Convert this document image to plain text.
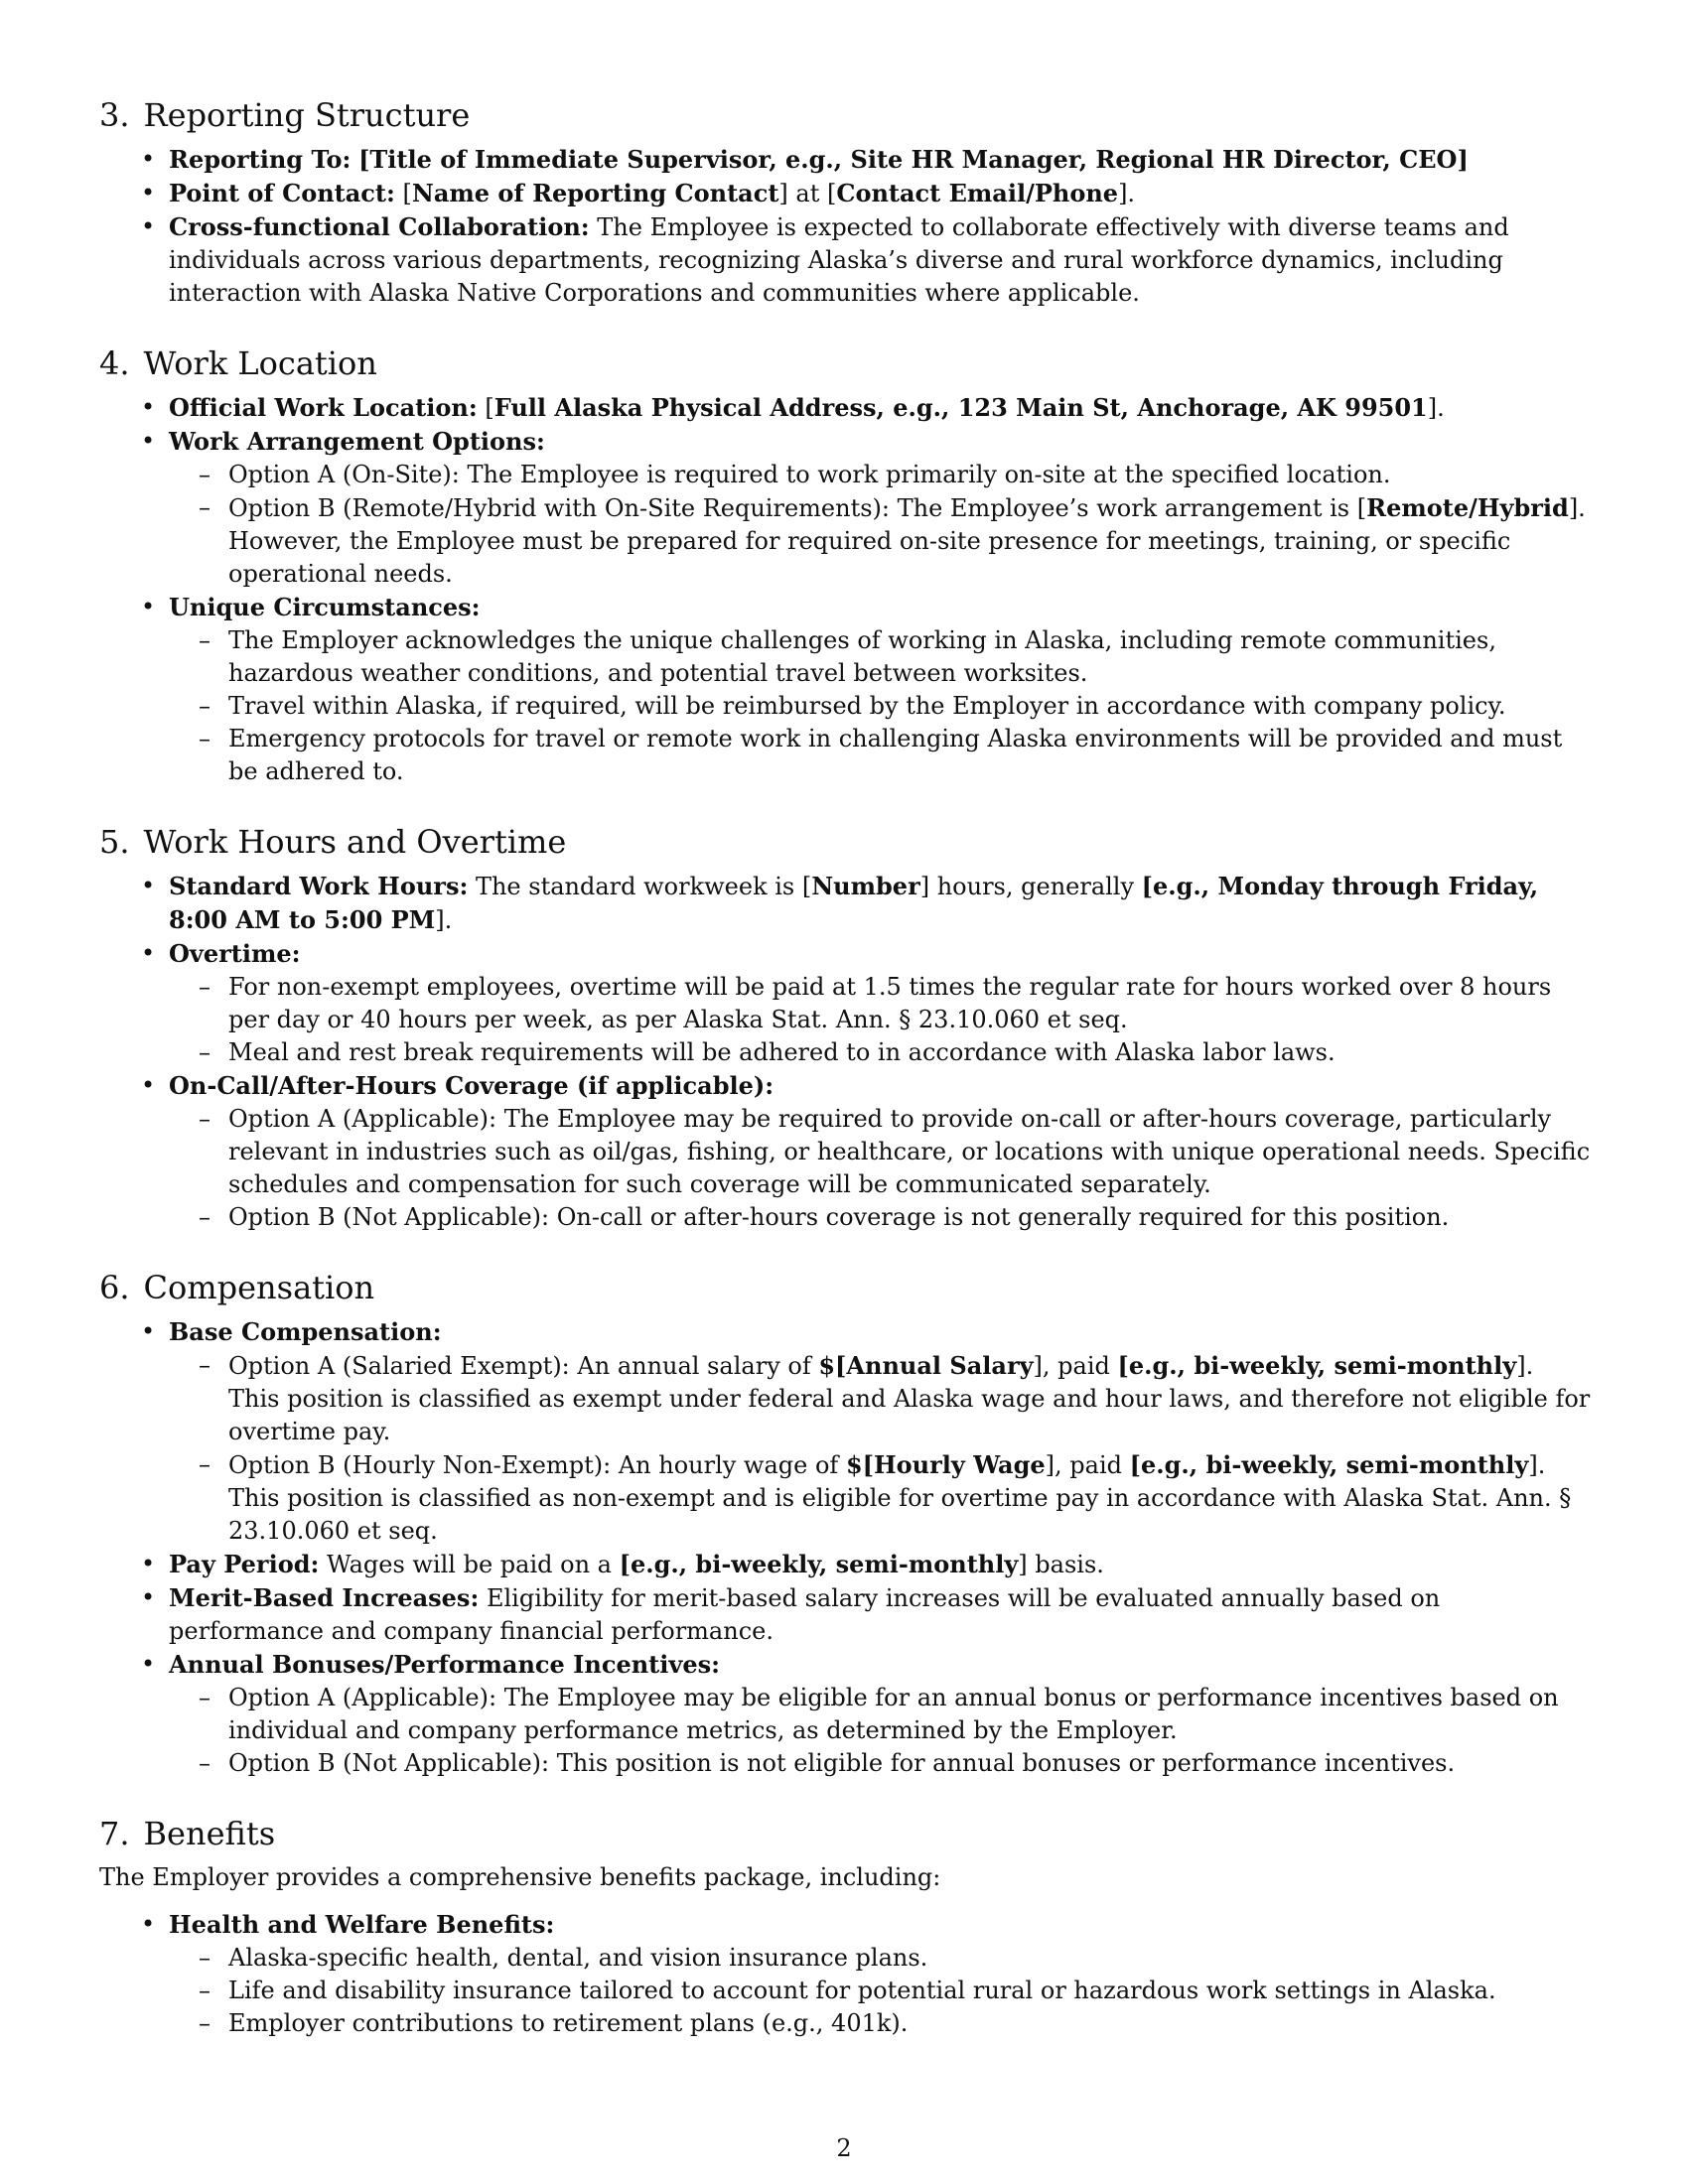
3. Reporting Structure
• Reporting To: [Title of Immediate Supervisor, e.g., Site HR Manager, Regional HR Director, CEO]
• Point of Contact: [Name of Reporting Contact] at [Contact Email/Phone].
• Cross-functional Collaboration: The Employee is expected to collaborate effectively with diverse teams and individuals across various departments, recognizing Alaska’s diverse and rural workforce dynamics, including interaction with Alaska Native Corporations and communities where applicable.
4. Work Location
• Official Work Location: [Full Alaska Physical Address, e.g., 123 Main St, Anchorage, AK 99501].
• Work Arrangement Options:
– Option A (On-Site): The Employee is required to work primarily on-site at the specified location.
– Option B (Remote/Hybrid with On-Site Requirements): The Employee’s work arrangement is [Remote/Hybrid]. However, the Employee must be prepared for required on-site presence for meetings, training, or specific operational needs.
• Unique Circumstances:
– The Employer acknowledges the unique challenges of working in Alaska, including remote communities, hazardous weather conditions, and potential travel between worksites.
– Travel within Alaska, if required, will be reimbursed by the Employer in accordance with company policy.
– Emergency protocols for travel or remote work in challenging Alaska environments will be provided and must be adhered to.
5. Work Hours and Overtime
• Standard Work Hours: The standard workweek is [Number] hours, generally [e.g., Monday through Friday, 8:00 AM to 5:00 PM].
• Overtime:
– For non-exempt employees, overtime will be paid at 1.5 times the regular rate for hours worked over 8 hours per day or 40 hours per week, as per Alaska Stat. Ann. § 23.10.060 et seq.
– Meal and rest break requirements will be adhered to in accordance with Alaska labor laws.
• On-Call/After-Hours Coverage (if applicable):
– Option A (Applicable): The Employee may be required to provide on-call or after-hours coverage, particularly relevant in industries such as oil/gas, fishing, or healthcare, or locations with unique operational needs. Specific schedules and compensation for such coverage will be communicated separately.
– Option B (Not Applicable): On-call or after-hours coverage is not generally required for this position.
6. Compensation
• Base Compensation:
– Option A (Salaried Exempt): An annual salary of $[Annual Salary], paid [e.g., bi-weekly, semi-monthly]. This position is classified as exempt under federal and Alaska wage and hour laws, and therefore not eligible for overtime pay.
– Option B (Hourly Non-Exempt): An hourly wage of $[Hourly Wage], paid [e.g., bi-weekly, semi-monthly]. This position is classified as non-exempt and is eligible for overtime pay in accordance with Alaska Stat. Ann. § 23.10.060 et seq.
• Pay Period: Wages will be paid on a [e.g., bi-weekly, semi-monthly] basis.
• Merit-Based Increases: Eligibility for merit-based salary increases will be evaluated annually based on performance and company financial performance.
• Annual Bonuses/Performance Incentives:
– Option A (Applicable): The Employee may be eligible for an annual bonus or performance incentives based on individual and company performance metrics, as determined by the Employer.
– Option B (Not Applicable): This position is not eligible for annual bonuses or performance incentives.
7. Benefits

The Employer provides a comprehensive benefits package, including:

• Health and Welfare Benefits:
– Alaska-specific health, dental, and vision insurance plans.
– Life and disability insurance tailored to account for potential rural or hazardous work settings in Alaska.
– Employer contributions to retirement plans (e.g., 401k).
2
